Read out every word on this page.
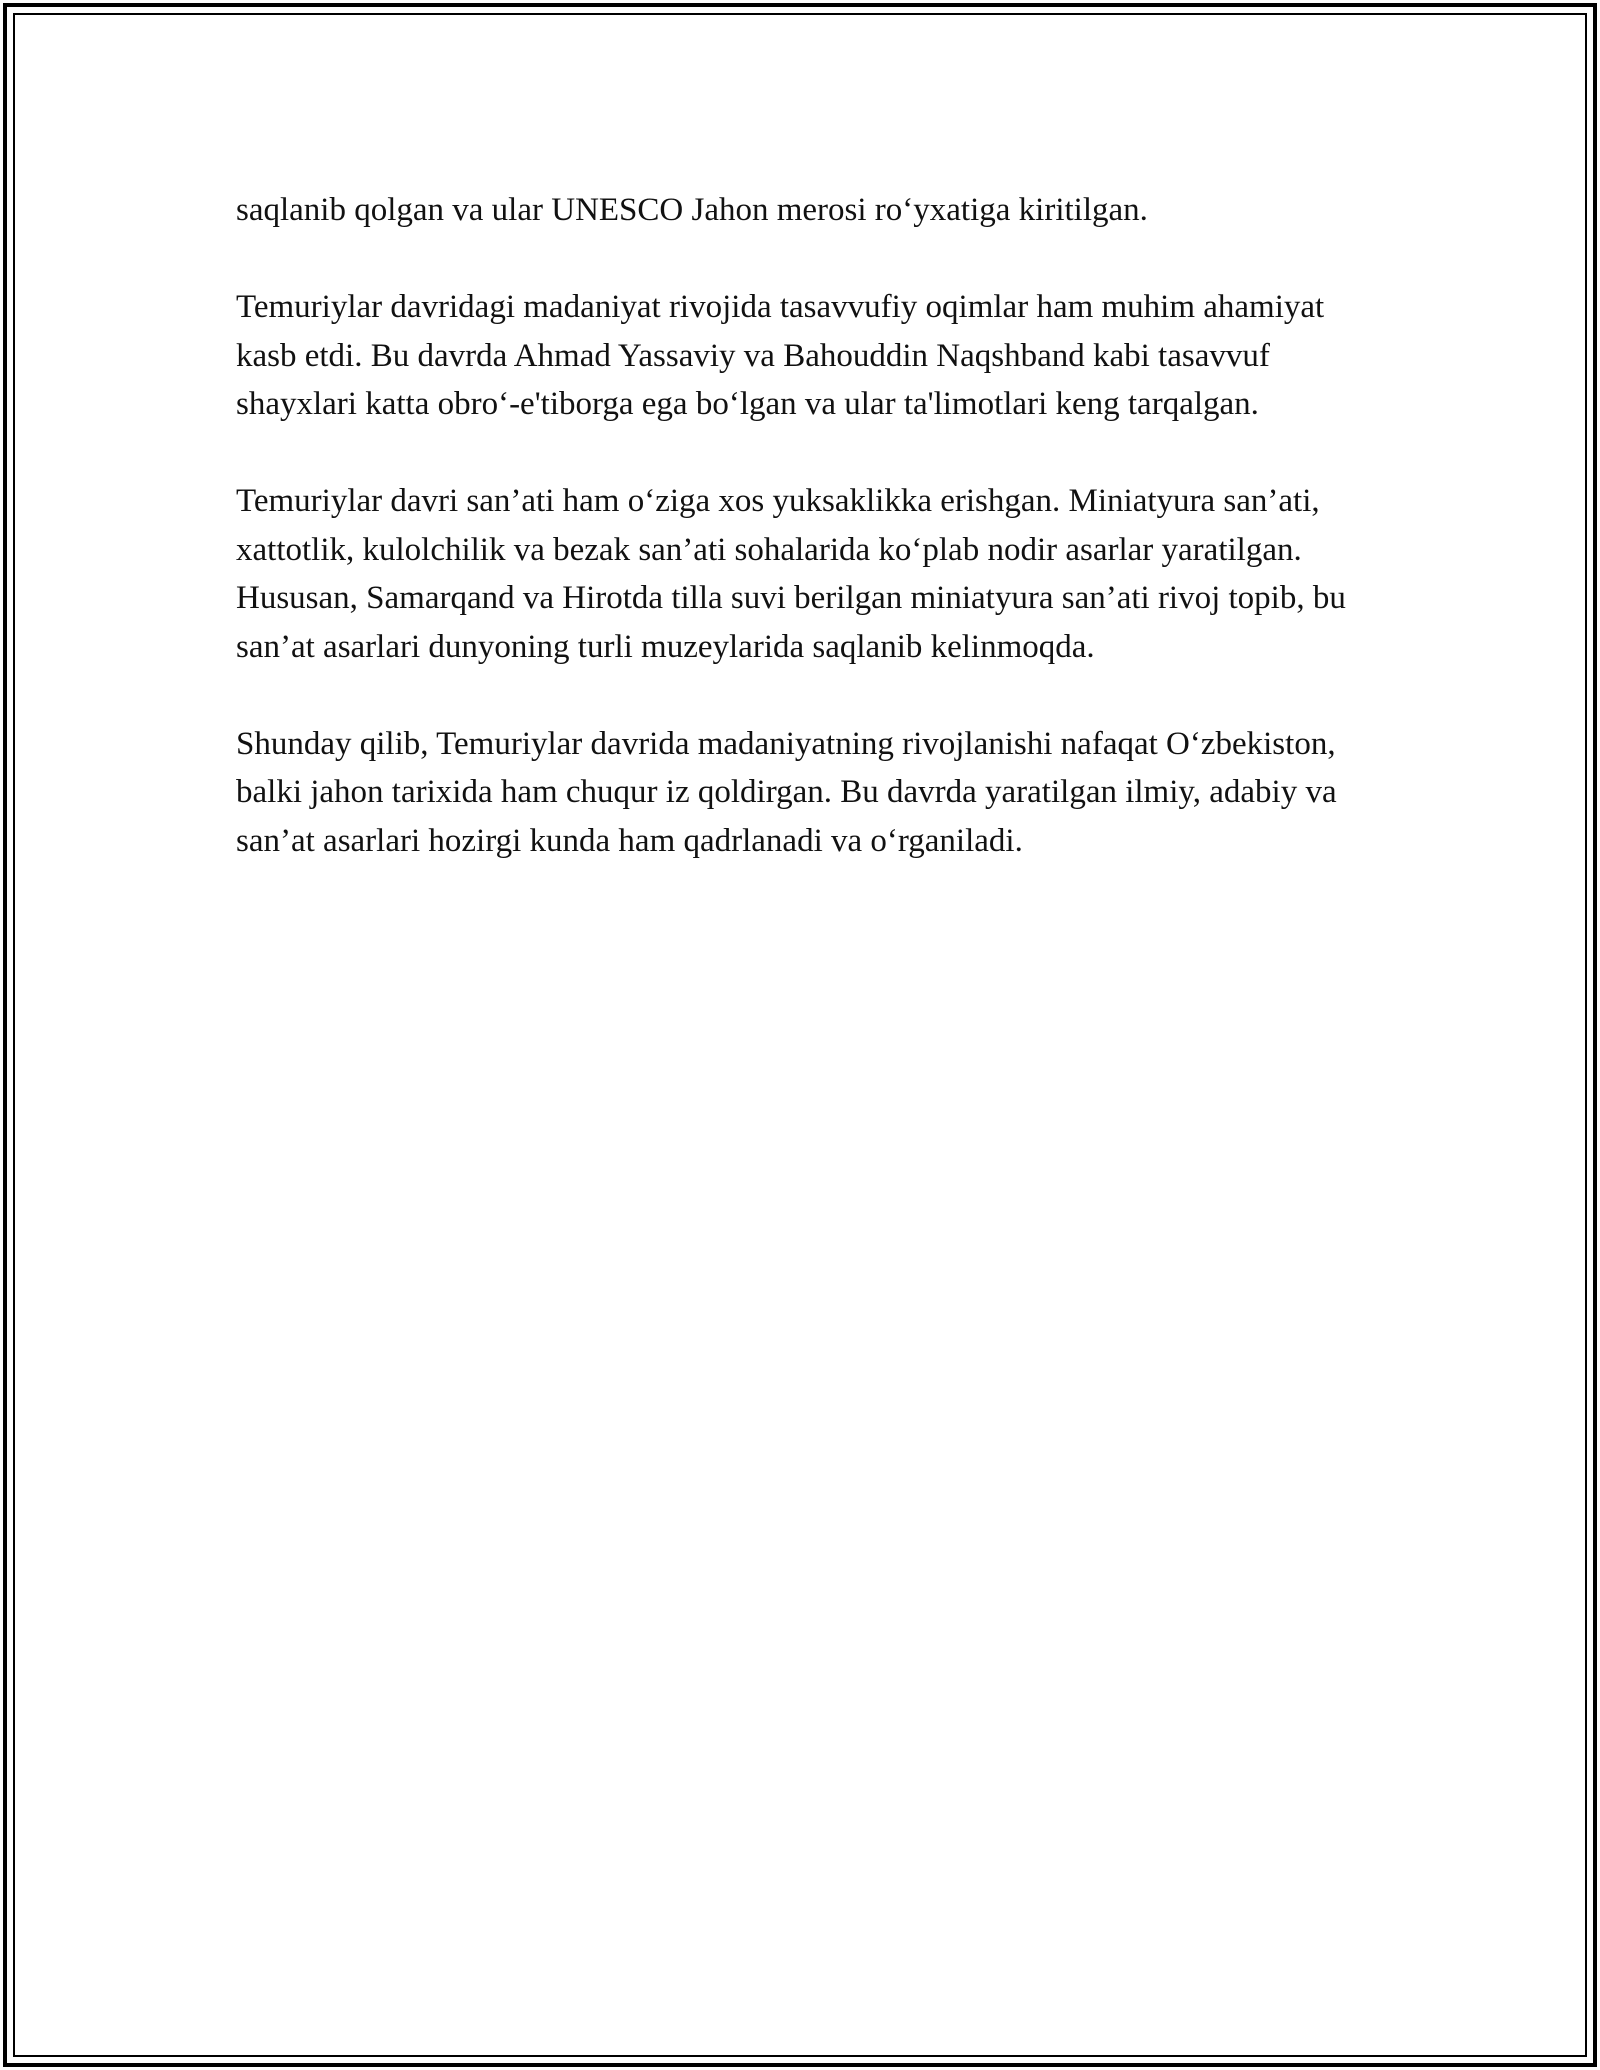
saqlanib qolgan va ular UNESCO Jahon merosi ro‘yxatiga kiritilgan.

Temuriylar davridagi madaniyat rivojida tasavvufiy oqimlar ham muhim ahamiyat kasb etdi. Bu davrda Ahmad Yassaviy va Bahouddin Naqshband kabi tasavvuf shayxlari katta obro‘-e'tiborga ega bo‘lgan va ular ta'limotlari keng tarqalgan.

Temuriylar davri san’ati ham o‘ziga xos yuksaklikka erishgan. Miniatyura san’ati, xattotlik, kulolchilik va bezak san’ati sohalarida ko‘plab nodir asarlar yaratilgan. Hususan, Samarqand va Hirotda tilla suvi berilgan miniatyura san’ati rivoj topib, bu san’at asarlari dunyoning turli muzeylarida saqlanib kelinmoqda.

Shunday qilib, Temuriylar davrida madaniyatning rivojlanishi nafaqat O‘zbekiston, balki jahon tarixida ham chuqur iz qoldirgan. Bu davrda yaratilgan ilmiy, adabiy va san’at asarlari hozirgi kunda ham qadrlanadi va o‘rganiladi.
